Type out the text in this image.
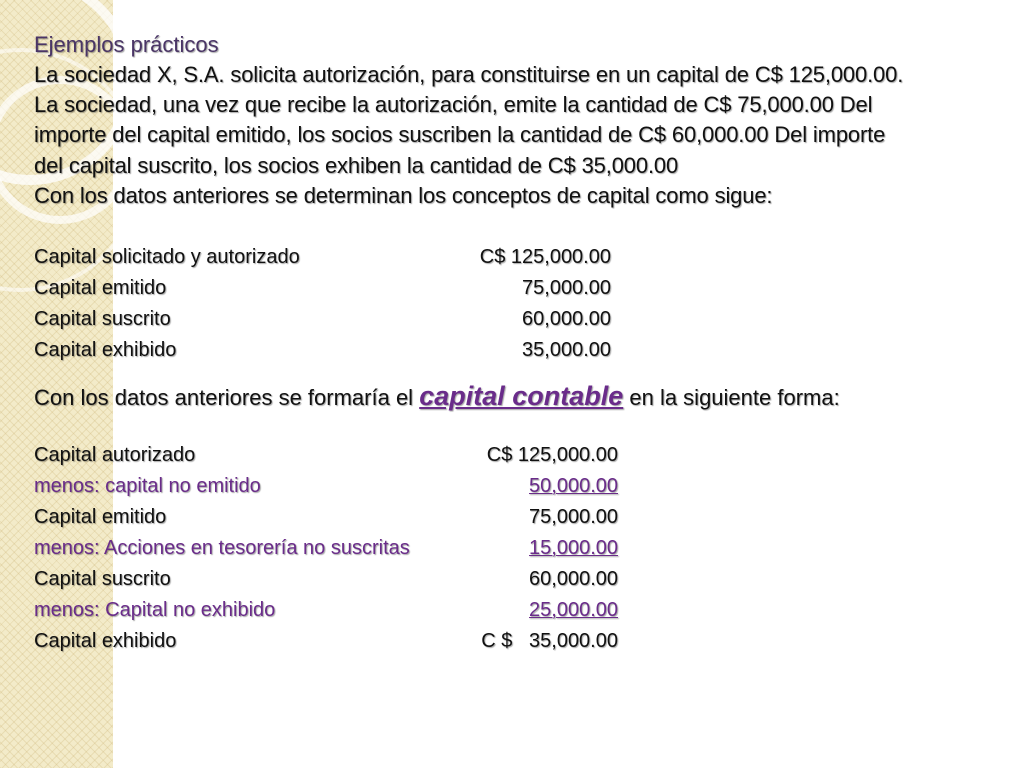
Ejemplos prácticos

La sociedad X, S.A. solicita autorización, para constituirse en un capital de C$ 125,000.00.

La sociedad, una vez que recibe la autorización, emite la cantidad de C$ 75,000.00 Del

importe del capital emitido, los socios suscriben la cantidad de C$ 60,000.00 Del importe

del capital suscrito, los socios exhiben la cantidad de C$ 35,000.00

Con los datos anteriores se determinan los conceptos de capital como sigue:

Capital solicitado y autorizado	C$ 125,000.00
Capital emitido	75,000.00
Capital suscrito	60,000.00
Capital exhibido	35,000.00

Con los datos anteriores se formaría el capital contable en la siguiente forma:

Capital autorizado	C$ 125,000.00
menos: capital no emitido	50,000.00
Capital emitido	75,000.00
menos: Acciones en tesorería no suscritas	15,000.00
Capital suscrito	60,000.00
menos: Capital no exhibido	25,000.00
Capital exhibido	C $   35,000.00
